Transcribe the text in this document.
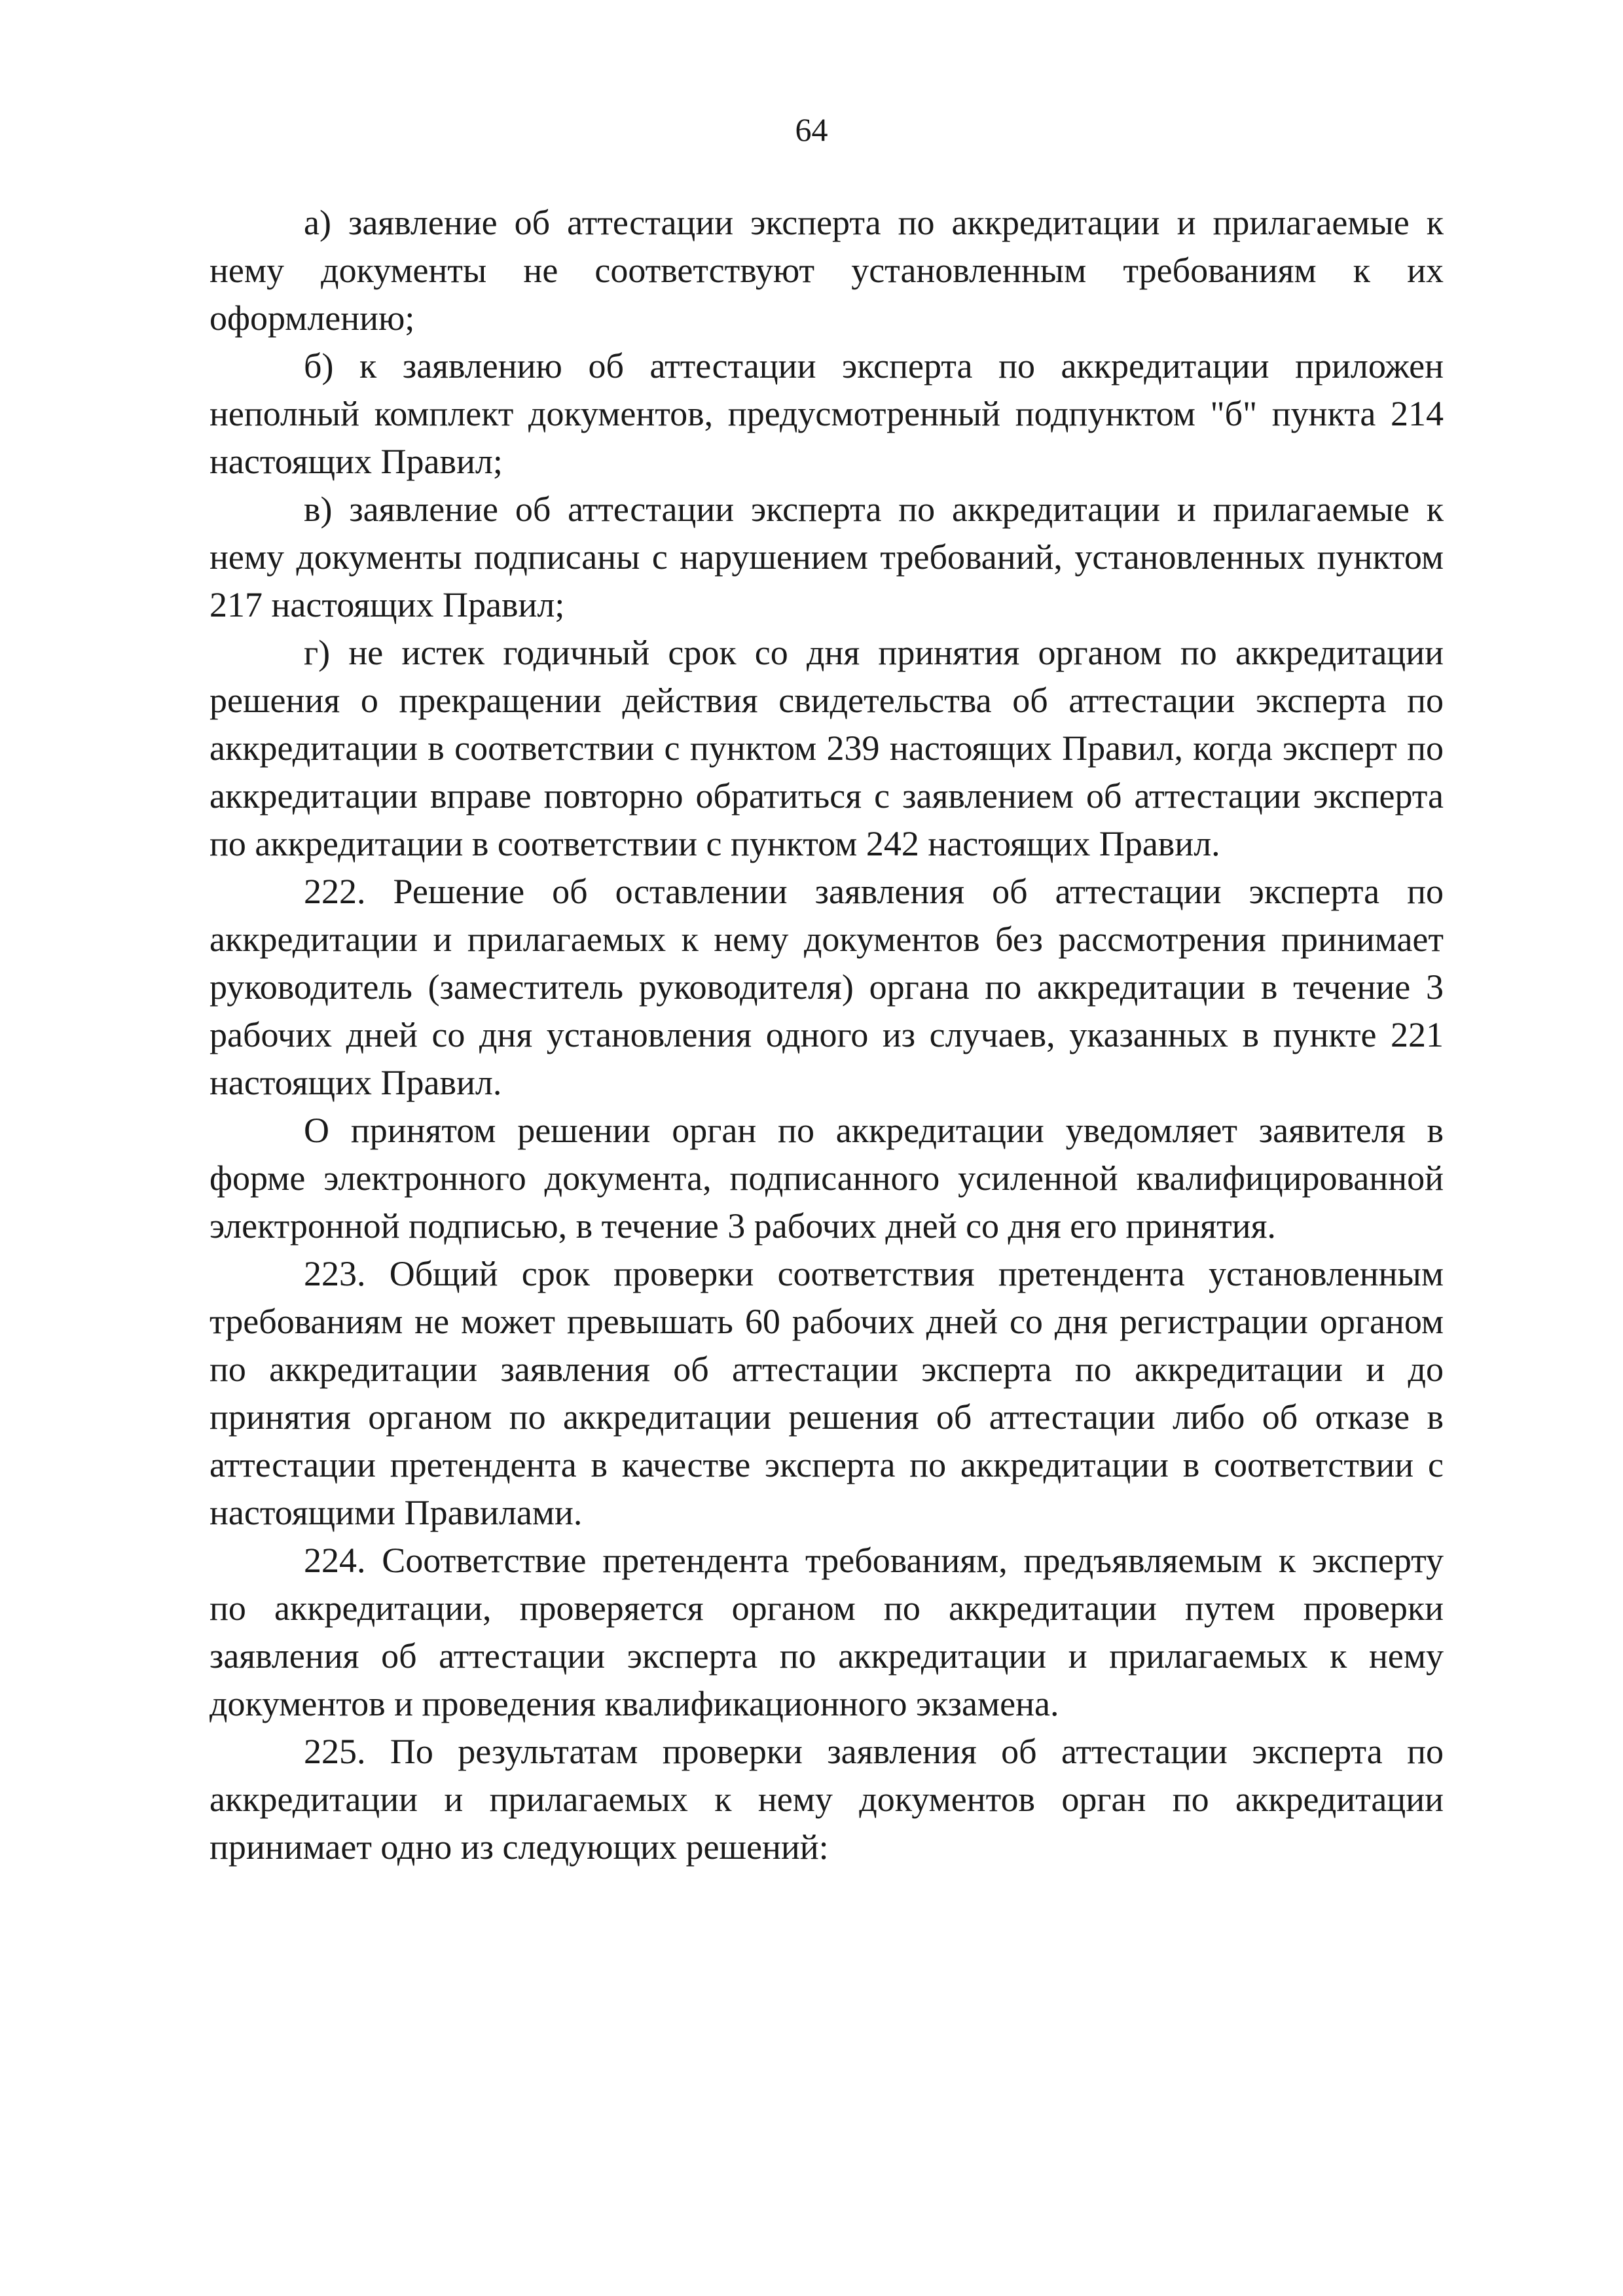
64

а) заявление об аттестации эксперта по аккредитации и прилагаемые к нему документы не соответствуют установленным требованиям к их оформлению;

б) к заявлению об аттестации эксперта по аккредитации приложен неполный комплект документов, предусмотренный подпунктом "б" пункта 214 настоящих Правил;

в) заявление об аттестации эксперта по аккредитации и прилагаемые к нему документы подписаны с нарушением требований, установленных пунктом 217 настоящих Правил;

г) не истек годичный срок со дня принятия органом по аккредитации решения о прекращении действия свидетельства об аттестации эксперта по аккредитации в соответствии с пунктом 239 настоящих Правил, когда эксперт по аккредитации вправе повторно обратиться с заявлением об аттестации эксперта по аккредитации в соответствии с пунктом 242 настоящих Правил.

222. Решение об оставлении заявления об аттестации эксперта по аккредитации и прилагаемых к нему документов без рассмотрения принимает руководитель (заместитель руководителя) органа по аккредитации в течение 3 рабочих дней со дня установления одного из случаев, указанных в пункте 221 настоящих Правил.

О принятом решении орган по аккредитации уведомляет заявителя в форме электронного документа, подписанного усиленной квалифицированной электронной подписью, в течение 3 рабочих дней со дня его принятия.

223. Общий срок проверки соответствия претендента установленным требованиям не может превышать 60 рабочих дней со дня регистрации органом по аккредитации заявления об аттестации эксперта по аккредитации и до принятия органом по аккредитации решения об аттестации либо об отказе в аттестации претендента в качестве эксперта по аккредитации в соответствии с настоящими Правилами.

224. Соответствие претендента требованиям, предъявляемым к эксперту по аккредитации, проверяется органом по аккредитации путем проверки заявления об аттестации эксперта по аккредитации и прилагаемых к нему документов и проведения квалификационного экзамена.

225. По результатам проверки заявления об аттестации эксперта по аккредитации и прилагаемых к нему документов орган по аккредитации принимает одно из следующих решений:
